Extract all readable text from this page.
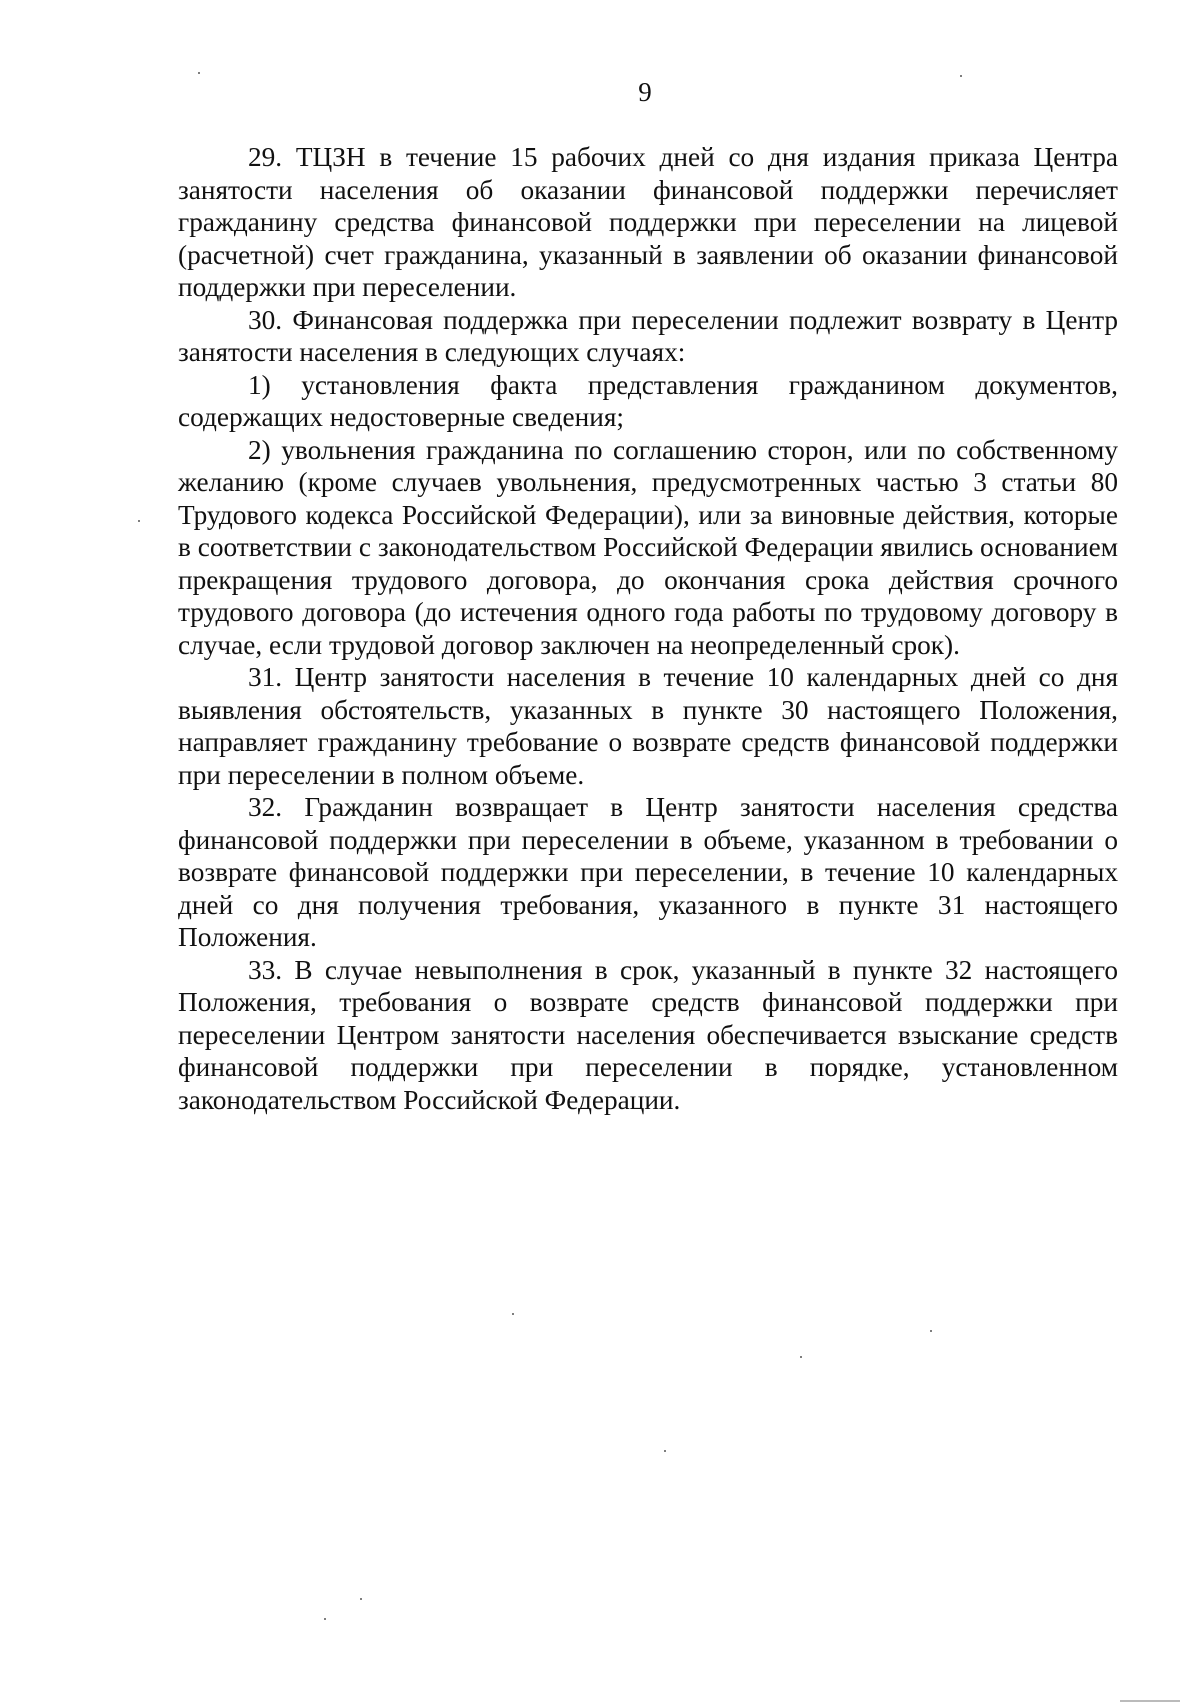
9

29. ТЦЗН в течение 15 рабочих дней со дня издания приказа Центра занятости населения об оказании финансовой поддержки перечисляет гражданину средства финансовой поддержки при переселении на лицевой (расчетной) счет гражданина, указанный в заявлении об оказании финансовой поддержки при переселении.

30. Финансовая поддержка при переселении подлежит возврату в Центр занятости населения в следующих случаях:

1) установления факта представления гражданином документов, содержащих недостоверные сведения;

2) увольнения гражданина по соглашению сторон, или по собственному желанию (кроме случаев увольнения, предусмотренных частью 3 статьи 80 Трудового кодекса Российской Федерации), или за виновные действия, которые в соответствии с законодательством Российской Федерации явились основанием прекращения трудового договора, до окончания срока действия срочного трудового договора (до истечения одного года работы по трудовому договору в случае, если трудовой договор заключен на неопределенный срок).

31. Центр занятости населения в течение 10 календарных дней со дня выявления обстоятельств, указанных в пункте 30 настоящего Положения, направляет гражданину требование о возврате средств финансовой поддержки при переселении в полном объеме.

32. Гражданин возвращает в Центр занятости населения средства финансовой поддержки при переселении в объеме, указанном в требовании о возврате финансовой поддержки при переселении, в течение 10 календарных дней со дня получения требования, указанного в пункте 31 настоящего Положения.

33. В случае невыполнения в срок, указанный в пункте 32 настоящего Положения, требования о возврате средств финансовой поддержки при переселении Центром занятости населения обеспечивается взыскание средств финансовой поддержки при переселении в порядке, установленном законодательством Российской Федерации.
